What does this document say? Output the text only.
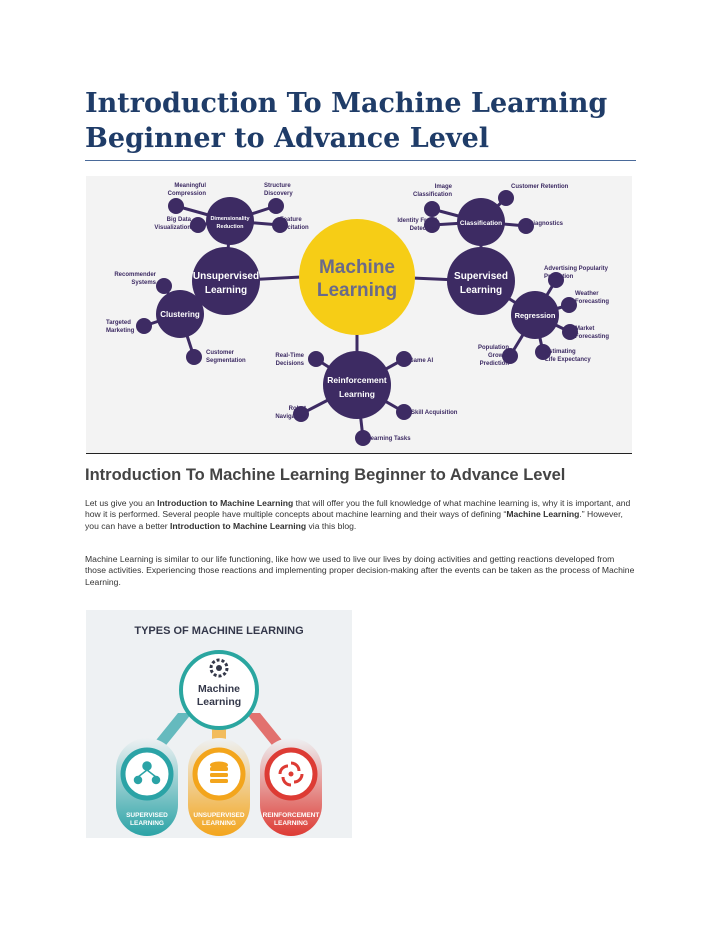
Introduction To Machine Learning
Beginner to Advance Level
Machine
Learning
Unsupervised
Learning
Supervised
Learning
Reinforcement
Learning
Dimensionality
Reduction
Clustering
Classification
Regression
Meaningful
Compression
Structure
Discovery
Big Data
Visualization
Feature
Elicitation
Recommender
Systems
Targeted
Marketing
Customer
Segmentation
Image
Classification
Customer Retention
Identity Fraud
Detection
Diagnostics
Advertising Popularity
Prediction
Weather
Forecasting
Market
Forecasting
Estimating
Life Expectancy
Population
Growth
Prediction
Real-Time
Decisions	Game AI
Robot
Navigation
Skill Acquisition
Learning Tasks
Introduction To Machine Learning Beginner to Advance Level

Let us give you an Introduction to Machine Learning that will offer you the full knowledge of what machine learning is, why it is important, and how it is performed. Several people have multiple concepts about machine learning and their ways of defining “Machine Learning.” However, you can have a better Introduction to Machine Learning via this blog.

Machine Learning is similar to our life functioning, like how we used to live our lives by doing activities and getting reactions developed from those activities. Experiencing those reactions and implementing proper decision-making after the events can be taken as the process of Machine Learning.

TYPES OF MACHINE LEARNING
SUPERVISED
LEARNING
UNSUPERVISED
LEARNING
REINFORCEMENT
LEARNING
Machine
Learning
